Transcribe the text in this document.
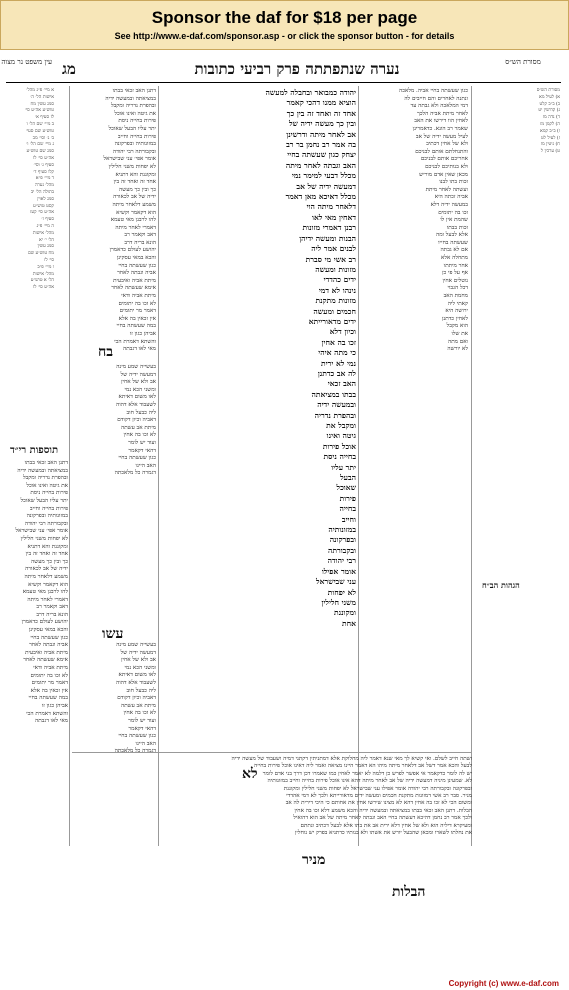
Sponsor the daf for $18 per page
See http://www.e-daf.com/sponsor.asp - or click the sponsor button - for details
עין משפט נר מצוה מג	נערה שנתפתתה פרק רביעי כתובות	מסורת הש״ס
א מיי׳ פ״ג מהל׳
אישות הל׳ ה׳
סמג עשין מח
טוש״ע אה״ע סי׳
לז סעיף א׳
ב מיי׳ שם הל׳ ו
טוש״ע שם סעי׳
ב׳ ג׳ וסי׳ מב
ג מיי׳ שם הל׳ ו׳
סמג שם טוש״ע
אה״ע סי׳ לז
סעיף ג׳ וסי׳
קלו סעיף ד׳
ד מיי׳ פ״א
מהל׳ נערה
בתולה הל׳ יב
סמג לאוין
קסט טוש״ע
אה״ע סי׳ קעז
סעיף ז׳
ה מיי׳ פ״ג
מהל׳ אישות
הל׳ י׳ יא
סמג עשין
מח טוש״ע שם
סי׳ לז
ו מיי׳ פ״ב
מהל׳ אישות
הל׳ א טוש״ע
אה״ע סי׳ לז
תוספות רי״ד
דתנן האב זכאי בבתו
במציאתה ובמעשה ידיה
ובהפרת נדריה ומקבל
את גיטה ואינו אוכל
פירות בחייה ניסת
יתר עליו הבעל שאוכל
פירות בחייה וחייב
במזונותיה ובפרקונה
ובקבורתה רבי יהודה
אומר אפי׳ עני שבישראל
לא יפחות משני חלילין
ומקוננת והא דתניא
אחד זה ואחד זה בין
כך ובין כך מעשה
ידיה של אב לכאורה
משמע דלאחר מיתה
הוא דקאמר וקשיא
להו לרבנן מאי טעמא
דאמרי לאחר מיתה
דאב וקאמר רב
הונא בריה דרב
יהושע לעולם כדאמרן
והכא במאי עסקינן
כגון שעשתה בחיי
אביה וגבתה לאחר
מיתת אביה ואיבעית
אימא שעשתה לאחר
מיתת אביה ודאי
לא זכו בה יתומים
דאמר מר יתומים
אין זכאין בה אלא
במה שעשתה בחיי
אביהן כגון זו
והשתא דאמרת הכי
מאי לאו דגבתה
דתנן האב זכאי בבתו
במציאתה ובמעשה ידיה
ובהפרת נדריה ומקבל
את גיטה ואינו אוכל
פירות בחייה ניסת
יתר עליו הבעל שאוכל
פירות בחייה וחייב
במזונותיה ובפרקונה
ובקבורתה רבי יהודה
אומר אפי׳ עני שבישראל
לא יפחות משני חלילין
ומקוננת והא דתניא
אחד זה ואחד זה בין
כך ובין כך מעשה
ידיה של אב לכאורה
משמע דלאחר מיתה
הוא דקאמר וקשיא
להו לרבנן מאי טעמא
דאמרי לאחר מיתה
דאב וקאמר רב
הונא בריה דרב
יהושע לעולם כדאמרן
והכא במאי עסקינן
כגון שעשתה בחיי
אביה וגבתה לאחר
מיתת אביה ואיבעית
אימא שעשתה לאחר
מיתת אביה ודאי
לא זכו בה יתומים
דאמר מר יתומים
אין זכאין בה אלא
במה שעשתה בחיי
אביהן כגון זו
והשתא דאמרת הכי
מאי לאו דגבתה
בח
בעשייה שמע מינה
דמעשה ידיה של
אב ולא של אחין
ומשני הכא נמי
לאו משום דאיתא
לשעבוד אלא דהוה
ליה כבעל חוב
דאביה וכיון דקודם
מיתת אב עשתה
לא זכו בה אחין
ועוד יש לומר
דהאי דקאמר
כגון שעשתה בחיי
האב היינו
דגמרה כל מלאכתה
עשו
בעשייה שמע מינה
דמעשה ידיה של
אב ולא של אחין
ומשני הכא נמי
לאו משום דאיתא
לשעבוד אלא דהוה
ליה כבעל חוב
דאביה וכיון דקודם
מיתת אב עשתה
לא זכו בה אחין
ועוד יש לומר
דהאי דקאמר
כגון שעשתה בחיי
האב היינו
דגמרה כל מלאכתה
יהודה כמבואר ובחבלה למעשה
הוציא ממנו דהכי קאמר
אחד זה ואחד זה בין כך
ובין כך מעשה ידיה של
אב לאחר מיתה ודרשינן
בה אמר רב נחמן בר רב
יצחק כגון שעשתה בחיי
האב וגבתה לאחר מיתה
מכלל דבעי למימר נמי
דמעשה ידיה של אב
מכלל דאיכא מאן דאמר
דלאחר מיתה הוי
דאחין מאי לאו
רבנן דאמרי מזונות
הבנות ומעשה ידיהן
לבנים אמר ליה
רב אשי מי סברת
מזונות ומעשה
ידים כהדדי
נינהו לא דמי
מזונות מתקנת
חכמים ומעשה
ידים מדאורייתא
וכיון דלא
זכו בה אחין
כי מתה איהי
נמי לא ירית
לה אב כדתנן
האב זכאי
בבתו במציאתה
ובמעשה ידיה
ובהפרת נדריה
ומקבל את
גיטה ואינו
אוכל פירות
בחייה ניסת
יתר עליו
הבעל
שאוכל
פירות
בחייה
וחייב
במזונותיה
ובפרקונה
ובקבורתה
רבי יהודה
אומר אפילו
עני שבישראל
לא יפחות
משני חלילין
ומקוננת
אחת
כגון שעשתה בחיי אביה. מלאכה
ונתנה לאחרים והם חייבים לה
דמי המלאכה ולא גבתה עד
לאחר מיתת אביה הלכך
לאחין הוו דירשו את האב
שאמר רב הונא. כדאמרינן
לעיל מעשה ידיה של אב
ולא של אחין דכתיב
והתנחלתם אותם לבניכם
אחריכם אותם לבניכם
ולא בנותיכם לבניכם
מכאן שאין אדם מוריש
זכות בתו לבנו
ועשתה לאחר מיתת
אביה זכתה היא
במעשה ידיה דלא
זכו בה יתומים
שהמת אין לו
זכות בבתו
אלא לבעל ומה
שעשתה בחייו
אם לא גבתה
מתחלה אלא
אחר מיתתו
אף על פי כן
נוטלים אחין
דכל הגבוי
מחמת האב
קאתי ליה
ירושה היא
לאחין כדתנן
הוא מקבל
את שלו
ואם מתה
לא יורשה
מסורת הש״ס
א) לעיל מא
ב) ב״ב קלט
ג) קדושין יט
ד) נדה מז
ה) לקמן מז
ו) ב״ב קמא
ז) לעיל לט
ח) גיטין מז
ט) ערכין ל
הגהות הב״ח
לא
מניר
הבלות
ושתה חייב לשלם. ואי קשיא לך מאי שנא דאמר ליה מחלוקת אלא דמתניתין דקתני דמיה ושעבוד של מעשה ידיה
לבעל והכא אמר דשל אב דלאחר מיתה מיהו הא דאמר היינו מציאה ואמר ליה דאינו אוכל פירות בחייה
יש לה לומר כדקאמר אי אפשר לפרש כן דלמה לא יאמר לאחין כמו שאמרו דכן דרך בני אדם לומר
לא. שמעינן מיניה דמעשה ידיה של אב לאחר מיתה דהא אינו אוכל פירות בחייה וחייב במזונותיה
ובפרקונה ובקבורתה רבי יהודה אומר אפילו עני שבישראל לא יפחות משני חלילין ומקוננת
מניר. סבר רב אשי דמזונות מתקנת חכמים ומעשה ידים מדאורייתא ולכך לא דמי אהדדי
ומשום הכי לא זכו בה אחין דהא לא מצינו שירשו אחין את אחותם כי היכי דירית לה אב
הבלות. דתנן האב זכאי בבתו במציאתה ובמעשה ידיה והכא משמע דלא זכו בה אחין
ולכך אמר רב נחמן דהיכא דעשתה בחיי האב וגבתה לאחר מיתה של אב הוא דהואיל
ומעיקרא דיליה הוא ולא של אחין דלא ירית אב את בתו אלא לבעל דכתיב ונתתם
את נחלתו לשארו ומכאן שהבעל יורש את אשתו ולא בנותיו כדתניא בפרק יש נוחלין
Copyright (c) www.e-daf.com
